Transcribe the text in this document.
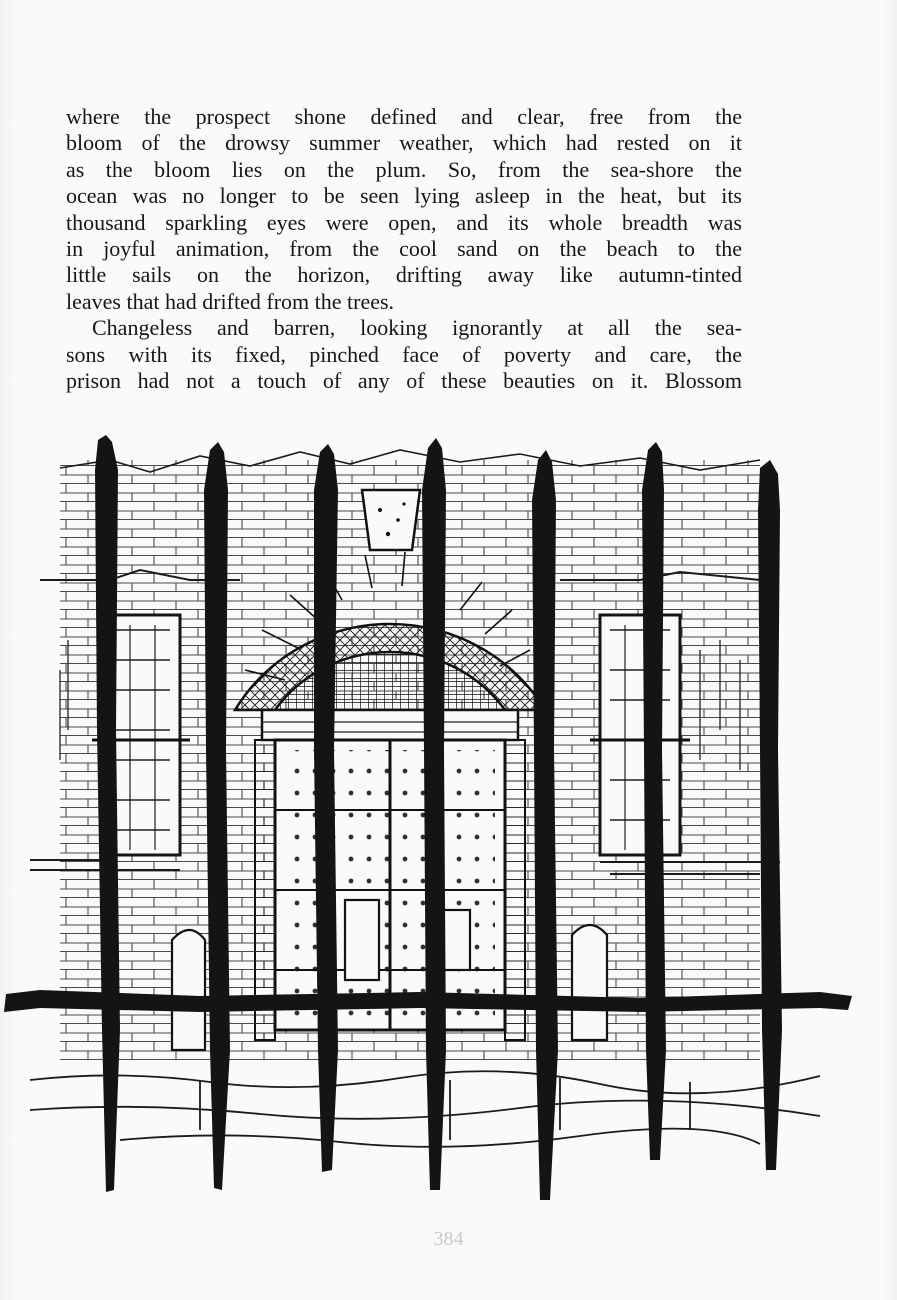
where the prospect shone defined and clear, free from the
bloom of the drowsy summer weather, which had rested on it
as the bloom lies on the plum. So, from the sea-shore the
ocean was no longer to be seen lying asleep in the heat, but its
thousand sparkling eyes were open, and its whole breadth was
in joyful animation, from the cool sand on the beach to the
little sails on the horizon, drifting away like autumn-tinted
leaves that had drifted from the trees.

Changeless and barren, looking ignorantly at all the sea-
sons with its fixed, pinched face of poverty and care, the
prison had not a touch of any of these beauties on it. Blossom

384
